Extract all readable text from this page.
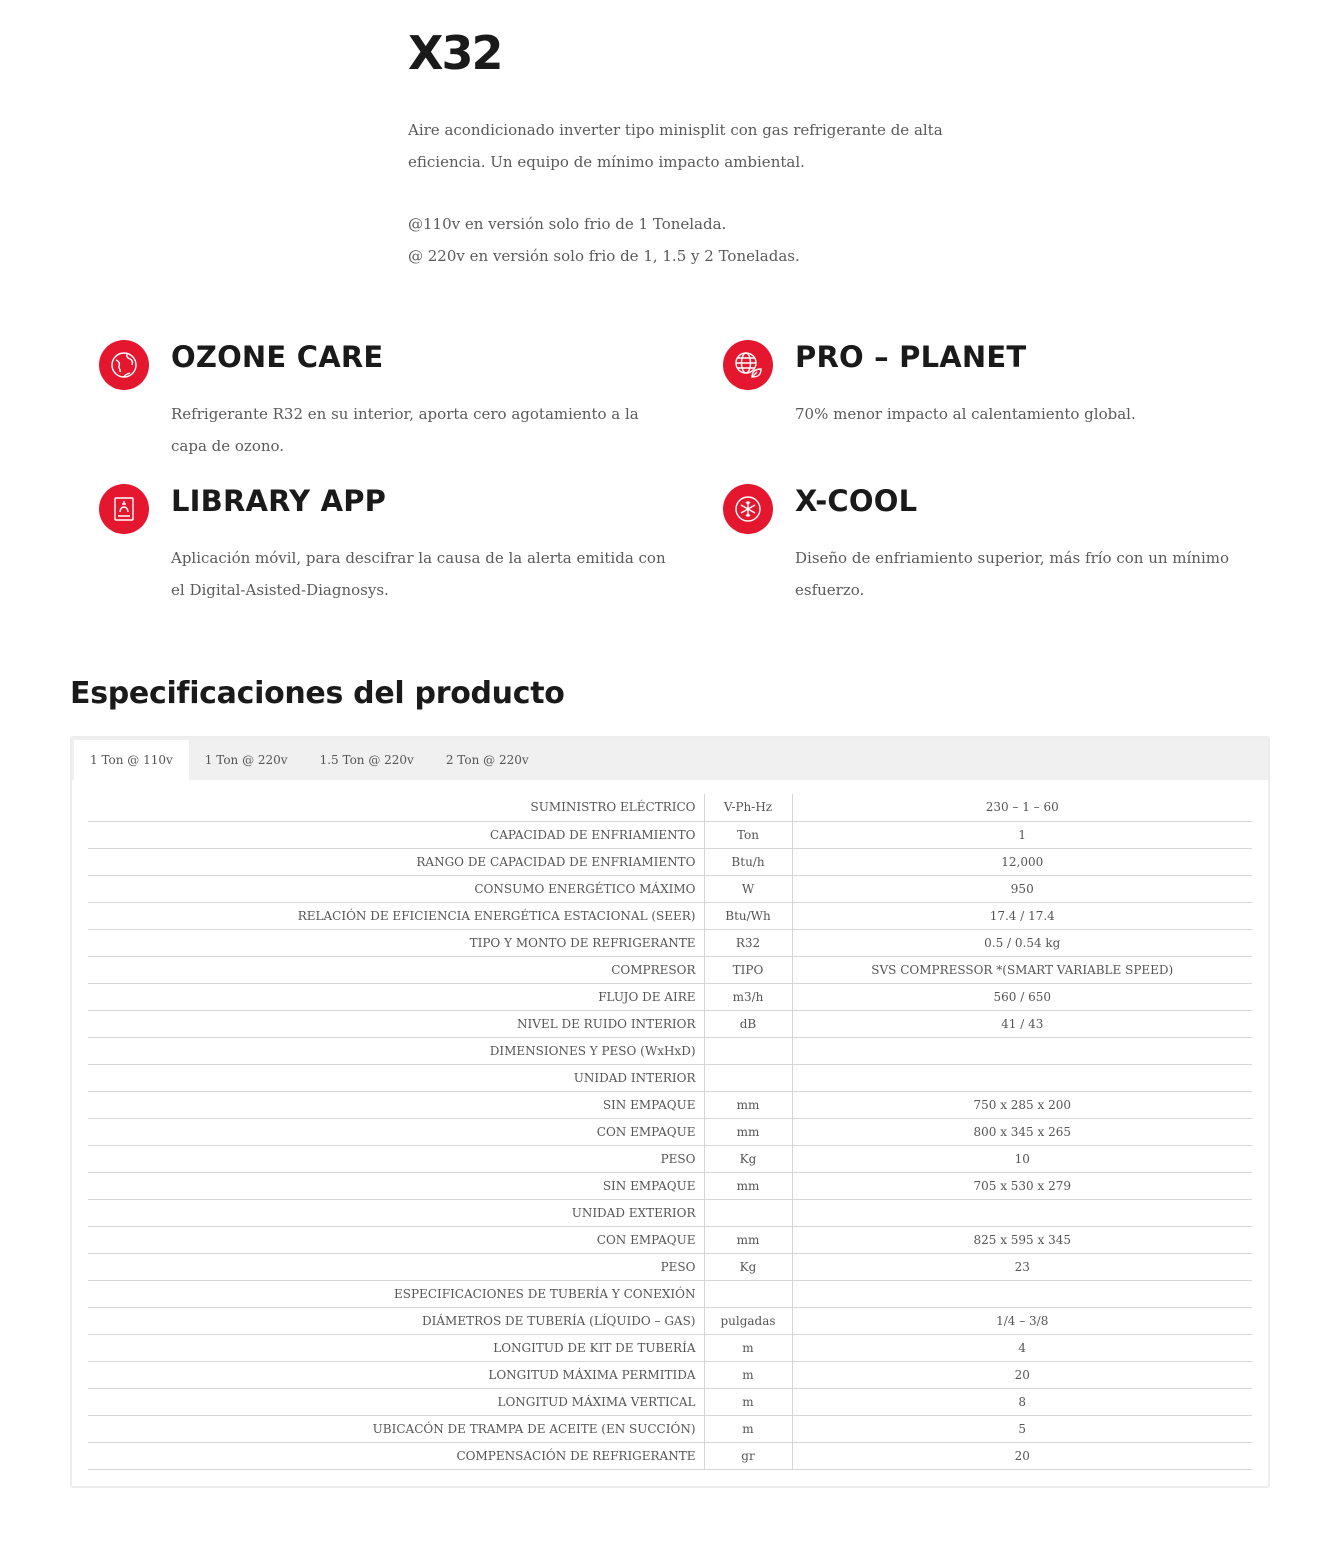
X32

Aire acondicionado inverter tipo minisplit con gas refrigerante de alta eficiencia. Un equipo de mínimo impacto ambiental.

@110v en versión solo frio de 1 Tonelada.

@ 220v en versión solo frio de 1, 1.5 y 2 Toneladas.

OZONE CARE

Refrigerante R32 en su interior, aporta cero agotamiento a la capa de ozono.

PRO – PLANET

70% menor impacto al calentamiento global.

LIBRARY APP

Aplicación móvil, para descifrar la causa de la alerta emitida con el Digital-Asisted-Diagnosys.

X-COOL

Diseño de enfriamiento superior, más frío con un mínimo esfuerzo.

Especificaciones del producto
1 Ton @ 110v	1 Ton @ 220v	1.5 Ton @ 220v	2 Ton @ 220v
SUMINISTRO ELÉCTRICO	V-Ph-Hz	230 – 1 – 60
CAPACIDAD DE ENFRIAMIENTO	Ton	1
RANGO DE CAPACIDAD DE ENFRIAMIENTO	Btu/h	12,000
CONSUMO ENERGÉTICO MÁXIMO	W	950
RELACIÓN DE EFICIENCIA ENERGÉTICA ESTACIONAL (SEER)	Btu/Wh	17.4 / 17.4
TIPO Y MONTO DE REFRIGERANTE	R32	0.5 / 0.54 kg
COMPRESOR	TIPO	SVS COMPRESSOR *(SMART VARIABLE SPEED)
FLUJO DE AIRE	m3/h	560 / 650
NIVEL DE RUIDO INTERIOR	dB	41 / 43
DIMENSIONES Y PESO (WxHxD)		
UNIDAD INTERIOR		
SIN EMPAQUE	mm	750 x 285 x 200
CON EMPAQUE	mm	800 x 345 x 265
PESO	Kg	10
SIN EMPAQUE	mm	705 x 530 x 279
UNIDAD EXTERIOR		
CON EMPAQUE	mm	825 x 595 x 345
PESO	Kg	23
ESPECIFICACIONES DE TUBERÍA Y CONEXIÓN		
DIÁMETROS DE TUBERÍA (LÍQUIDO – GAS)	pulgadas	1/4 – 3/8
LONGITUD DE KIT DE TUBERÍA	m	4
LONGITUD MÁXIMA PERMITIDA	m	20
LONGITUD MÁXIMA VERTICAL	m	8
UBICACÓN DE TRAMPA DE ACEITE (EN SUCCIÓN)	m	5
COMPENSACIÓN DE REFRIGERANTE	gr	20
